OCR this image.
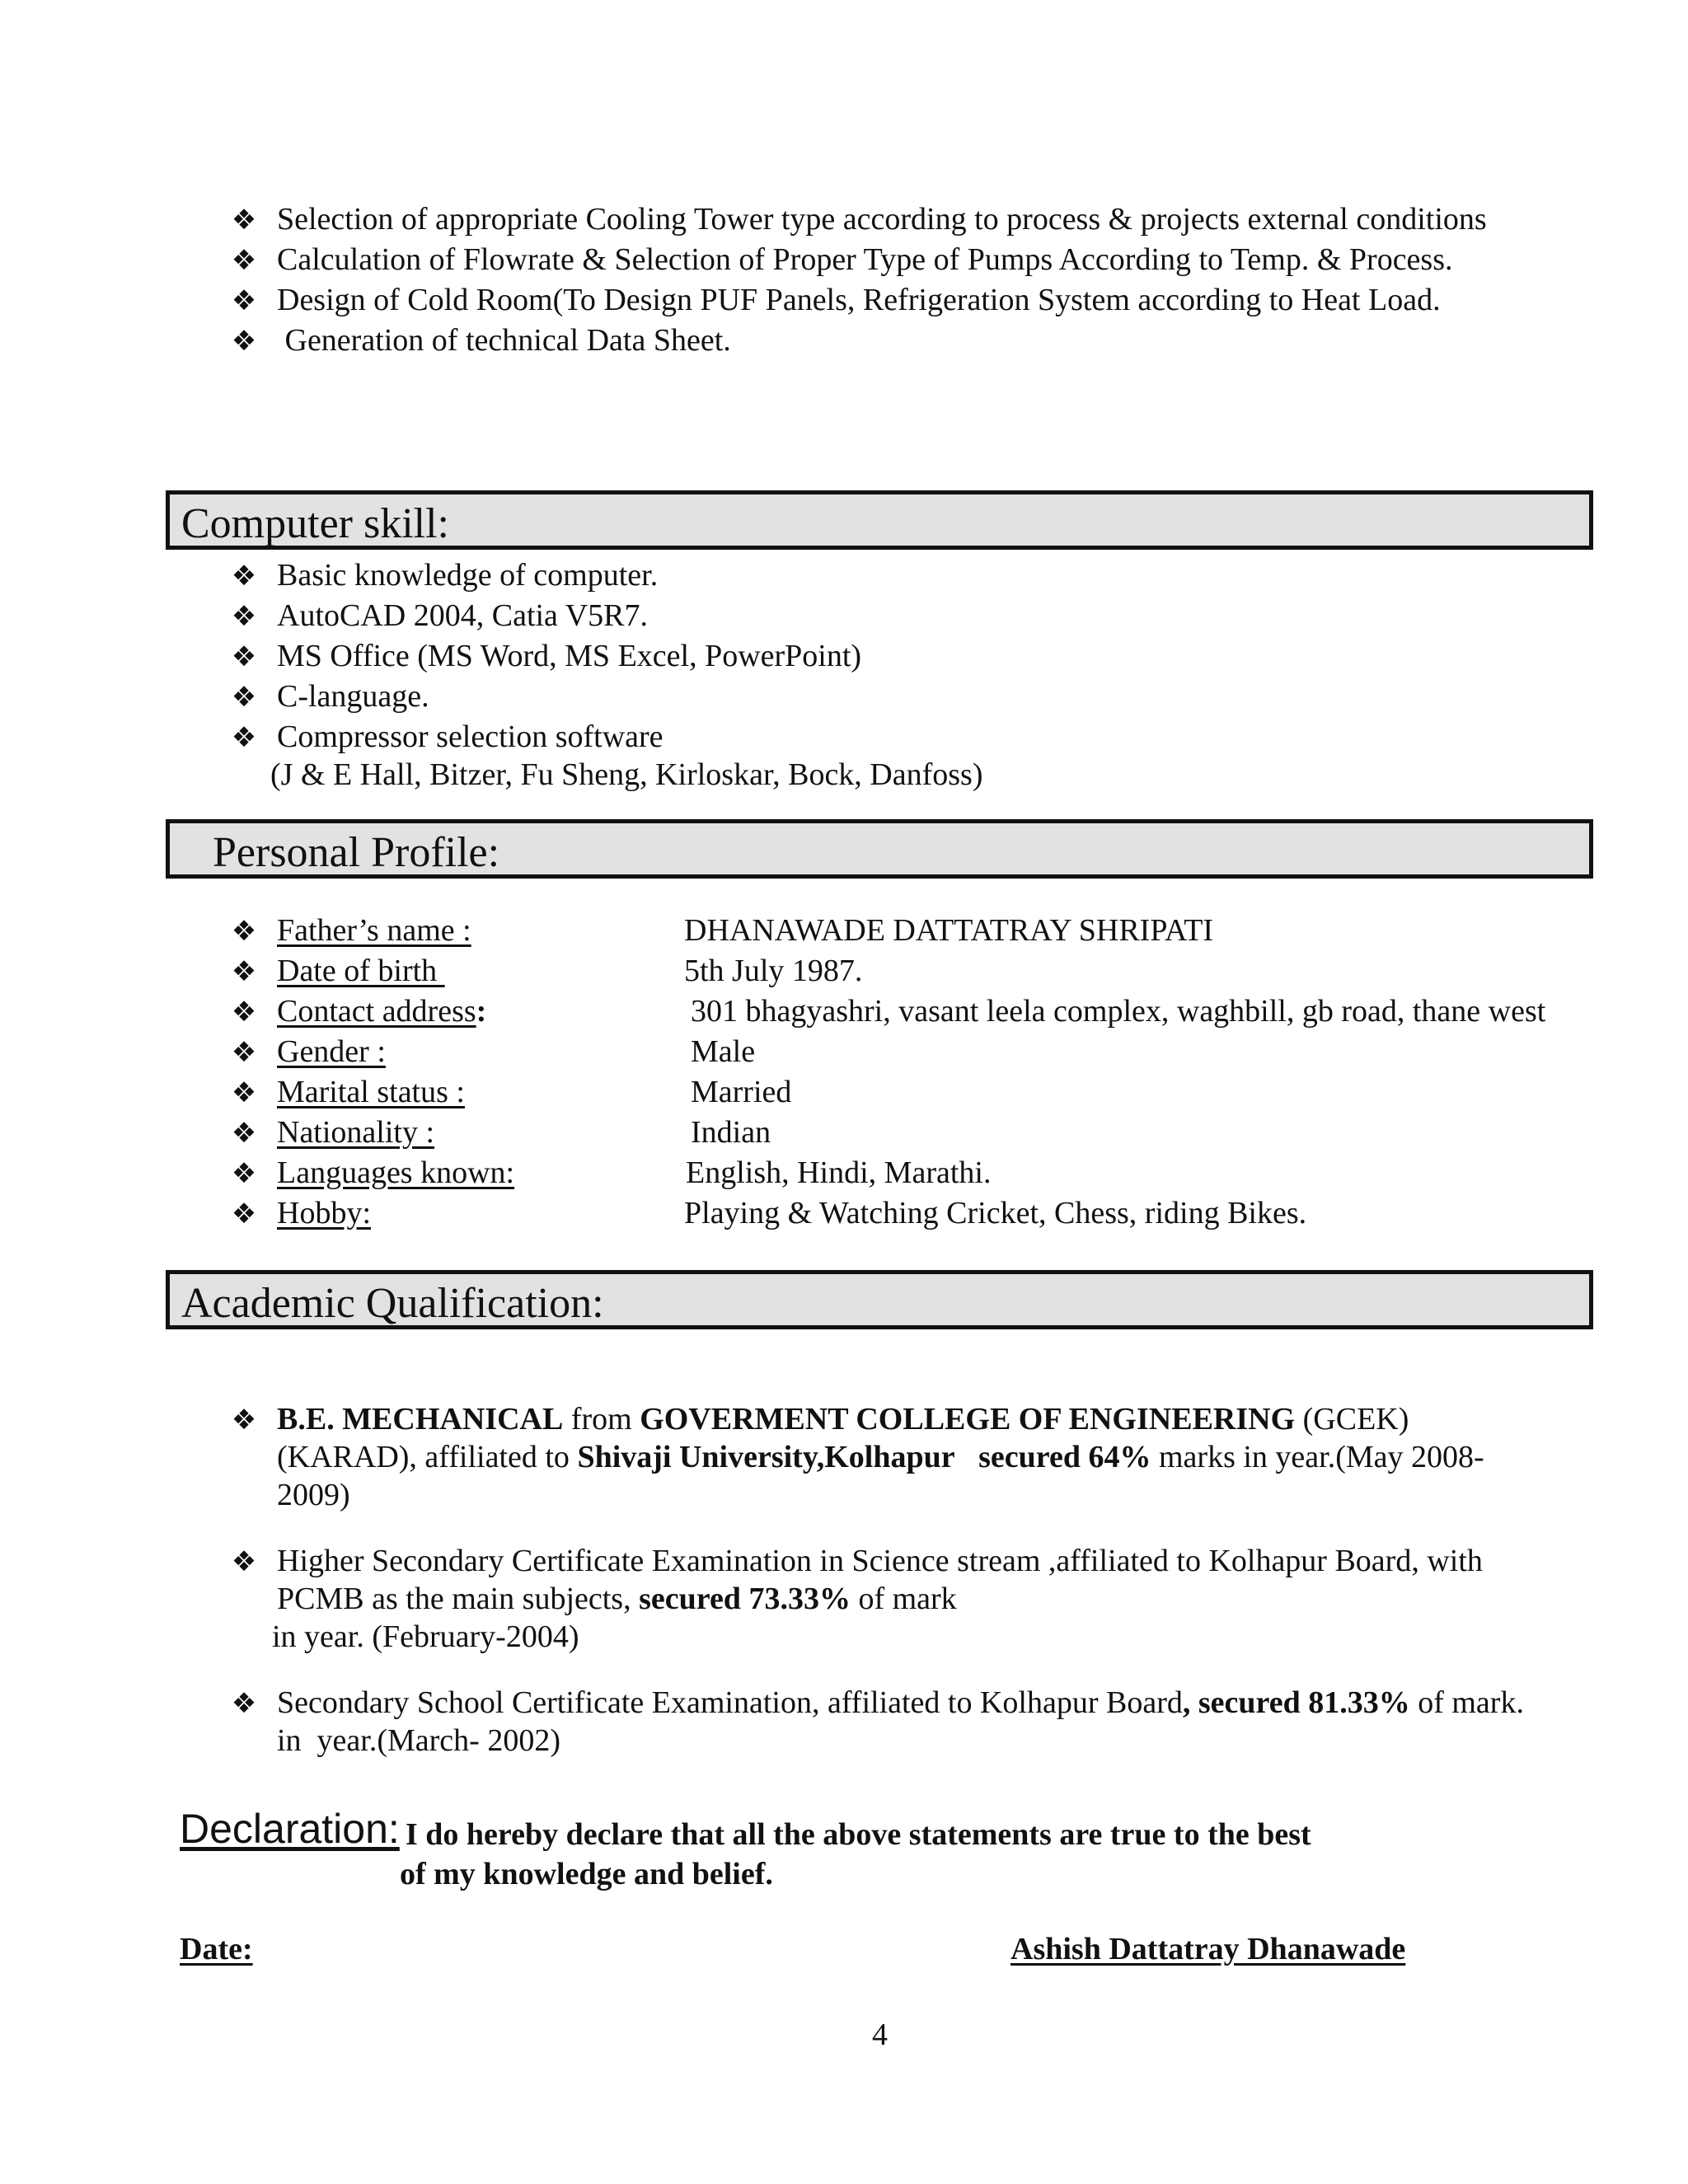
❖ Selection of appropriate Cooling Tower type according to process & projects external conditions
❖ Calculation of Flowrate & Selection of Proper Type of Pumps According to Temp. & Process.
❖ Design of Cold Room(To Design PUF Panels, Refrigeration System according to Heat Load.
❖ Generation of technical Data Sheet.
Computer skill:
❖ Basic knowledge of computer.
❖ AutoCAD 2004, Catia V5R7.
❖ MS Office (MS Word, MS Excel, PowerPoint)
❖ C-language.
❖ Compressor selection software
(J & E Hall, Bitzer, Fu Sheng, Kirloskar, Bock, Danfoss)
Personal Profile:
❖ Father’s name :	DHANAWADE DATTATRAY SHRIPATI
❖ Date of birth	5th July 1987.
❖ Contact address:	301 bhagyashri, vasant leela complex, waghbill, gb road, thane west
❖ Gender :	Male
❖ Marital status :	Married
❖ Nationality :	Indian
❖ Languages known:	English, Hindi, Marathi.
❖ Hobby:	Playing & Watching Cricket, Chess, riding Bikes.
Academic Qualification:
❖ B.E. MECHANICAL from GOVERMENT COLLEGE OF ENGINEERING (GCEK)
(KARAD), affiliated to Shivaji University,Kolhapur secured 64% marks in year.(May 2008-
2009)
❖ Higher Secondary Certificate Examination in Science stream ,affiliated to Kolhapur Board, with
PCMB as the main subjects, secured 73.33% of mark
in year. (February-2004)
❖ Secondary School Certificate Examination, affiliated to Kolhapur Board, secured 81.33% of mark.
in  year.(March- 2002)
Declaration: I do hereby declare that all the above statements are true to the best
of my knowledge and belief.
Date:	Ashish Dattatray Dhanawade
4
